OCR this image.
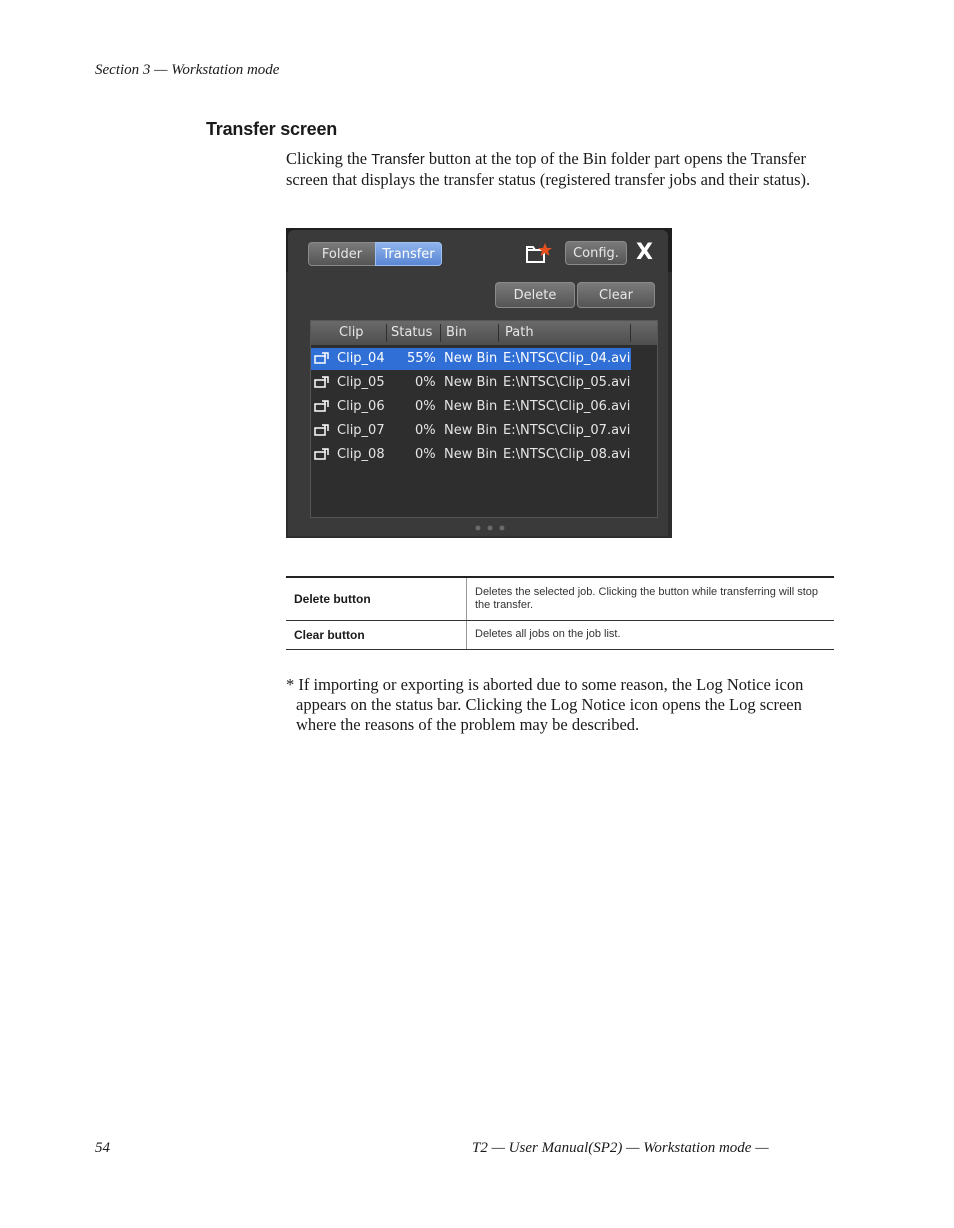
Section 3 — Workstation mode
Transfer screen
Clicking the Transfer button at the top of the Bin folder part opens the Transfer screen that displays the transfer status (registered transfer jobs and their status).
Folder	Transfer	Config. X
Delete	Clear
Clip Status Bin	Path
Clip_04 55% New Bin E:\NTSC\Clip_04.avi
Clip_05 0% New Bin E:\NTSC\Clip_05.avi
Clip_06 0% New Bin E:\NTSC\Clip_06.avi
Clip_07 0% New Bin E:\NTSC\Clip_07.avi
Clip_08 0% New Bin E:\NTSC\Clip_08.avi
Delete button	Deletes the selected job. Clicking the button while transferring will stop the transfer.
Clear button	Deletes all jobs on the job list.
* If importing or exporting is aborted due to some reason, the Log Notice icon appears on the status bar. Clicking the Log Notice icon opens the Log screen where the reasons of the problem may be described.
54	T2 — User Manual(SP2) — Workstation mode —
